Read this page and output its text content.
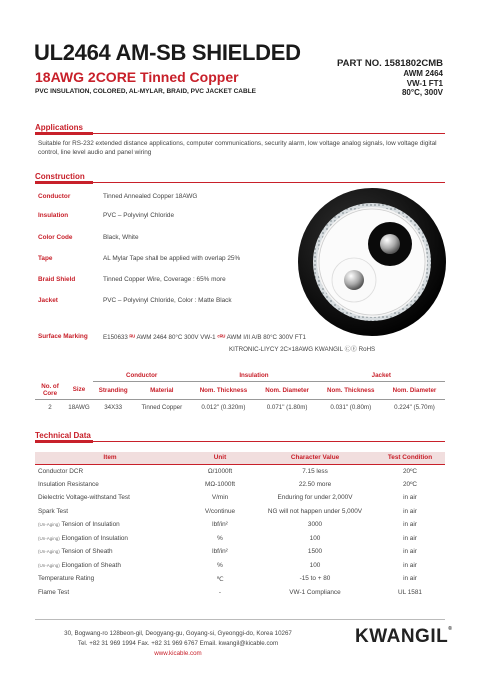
UL2464 AM-SB SHIELDED
18AWG 2CORE Tinned Copper
PVC INSULATION, COLORED, AL-MYLAR, BRAID, PVC JACKET CABLE
PART NO. 1581802CMB
AWM 2464
VW-1 FT1
80°C, 300V
Applications
Suitable for RS-232 extended distance applications, computer communications, security alarm, low voltage analog signals, low voltage digital control, line level audio and panel wiring
Construction
Conductor	Tinned Annealed Copper 18AWG
Insulation	PVC – Polyvinyl Chloride
Color Code	Black, White
Tape	AL Mylar Tape shall be applied with overlap 25%
Braid Shield	Tinned Copper Wire, Coverage : 65% more
Jacket	PVC – Polyvinyl Chloride, Color : Matte Black
Surface Marking E150633 ᴿᵁ AWM 2464 80°C 300V VW-1 ᶜᴿᵁ AWM I/II A/B 80°C 300V FT1
KITRONIC-LIYCY 2C×18AWG KWANGIL ⒸⒺ RoHS
		Conductor		Insulation		Jacket	
No. of Core	Size	Stranding	Material	Nom. Thickness	Nom. Diameter	Nom. Thickness	Nom. Diameter
2	18AWG	34X33	Tinned Copper	0.012" (0.320m)	0.071" (1.80m)	0.031" (0.80m)	0.224" (5.70m)
Technical Data
Item	Unit	Character Value	Test Condition
Conductor DCR	Ω/1000ft	7.15 less	20ºC
Insulation Resistance	MΩ-1000ft	22.50 more	20ºC
Dielectric Voltage-withstand Test	V/min	Enduring for under 2,000V	in air
Spark Test	V/continue	NG will not happen under 5,000V	in air
(Un-Aging) Tension of Insulation	lbf/in²	3000	in air
(Un-Aging) Elongation of Insulation	%	100	in air
(Un-Aging) Tension of Sheath	lbf/in²	1500	in air
(Un-Aging) Elongation of Sheath	%	100	in air
Temperature Rating	℃	-15 to + 80	in air
Flame Test	-	VW-1 Compliance	UL 1581
30, Bogwang-ro 128beon-gil, Deogyang-gu, Goyang-si, Gyeonggi-do, Korea 10267
Tel. +82 31 969 1994 Fax. +82 31 969 6767 Email. kwangil@kicable.com
www.kicable.com
KWANGIL®
